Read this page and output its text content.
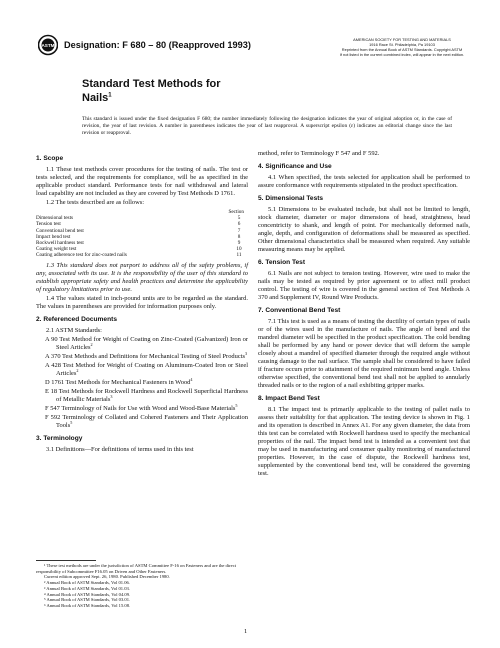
ASTM Designation: F 680 – 80 (Reapproved 1993)
AMERICAN SOCIETY FOR TESTING AND MATERIALS
1916 Race St. Philadelphia, Pa 19103
Reprinted from the Annual Book of ASTM Standards. Copyright ASTM
If not listed in the current combined index, will appear in the next edition.
Standard Test Methods for
Nails$^1$
This standard is issued under the fixed designation F 680; the number immediately following the designation indicates the year of original adoption or, in the case of revision, the year of last revision. A number in parentheses indicates the year of last reapproval. A superscript epsilon (ε) indicates an editorial change since the last revision or reapproval.
1. Scope

1.1 These test methods cover procedures for the testing of nails. The test or tests selected, and the requirements for compliance, will be as specified in the applicable product standard. Performance tests for nail withdrawal and lateral load capability are not included as they are covered by Test Methods D 1761.

1.2 The tests described are as follows:

Section
Dimensional tests	5
Tension test	6
Conventional bend test	7
Impact bend test	8
Rockwell hardness test	9
Coating weight test	10
Coating adherence test for zinc-coated nails	11

1.3 This standard does not purport to address all of the safety problems, if any, associated with its use. It is the responsibility of the user of this standard to establish appropriate safety and health practices and determine the applicability of regulatory limitations prior to use.

1.4 The values stated in inch-pound units are to be regarded as the standard. The values in parentheses are provided for information purposes only.

2. Referenced Documents

2.1 ASTM Standards:

A 90 Test Method for Weight of Coating on Zinc-Coated (Galvanized) Iron or Steel Articles$^2$

A 370 Test Methods and Definitions for Mechanical Testing of Steel Products$^3$

A 428 Test Method for Weight of Coating on Aluminum-Coated Iron or Steel Articles$^2$

D 1761 Test Methods for Mechanical Fasteners in Wood$^4$

E 18 Test Methods for Rockwell Hardness and Rockwell Superficial Hardness of Metallic Materials$^3$

F 547 Terminology of Nails for Use with Wood and Wood-Base Materials$^5$

F 592 Terminology of Collated and Cohered Fasteners and Their Application Tools$^5$

3. Terminology

3.1 Definitions—For definitions of terms used in this test

¹ These test methods are under the jurisdiction of ASTM Committee F-16 on Fasteners and are the direct responsibility of Subcommittee F16.05 on Driven and Other Fasteners.
Current edition approved Sept. 26, 1980. Published December 1980.
² Annual Book of ASTM Standards, Vol 01.06.
³ Annual Book of ASTM Standards, Vol 01.03.
⁴ Annual Book of ASTM Standards, Vol 04.09.
⁵ Annual Book of ASTM Standards, Vol 03.01.
⁶ Annual Book of ASTM Standards, Vol 15.08.

method, refer to Terminology F 547 and F 592.

4. Significance and Use

4.1 When specified, the tests selected for application shall be performed to assure conformance with requirements stipulated in the product specification.

5. Dimensional Tests

5.1 Dimensions to be evaluated include, but shall not be limited to length, stock diameter, diameter or major dimensions of head, straightness, head concentricity to shank, and length of point. For mechanically deformed nails, angle, depth, and configuration of deformations shall be measured as specified. Other dimensional characteristics shall be measured when required. Any suitable measuring means may be applied.

6. Tension Test

6.1 Nails are not subject to tension testing. However, wire used to make the nails may be tested as required by prior agreement or to affect mill product control. The testing of wire is covered in the general section of Test Methods A 370 and Supplement IV, Round Wire Products.

7. Conventional Bend Test

7.1 This test is used as a means of testing the ductility of certain types of nails or of the wires used in the manufacture of nails. The angle of bend and the mandrel diameter will be specified in the product specification. The cold bending shall be performed by any hand or power device that will deform the sample closely about a mandrel of specified diameter through the required angle without causing damage to the nail surface. The sample shall be considered to have failed if fracture occurs prior to attainment of the required minimum bend angle. Unless otherwise specified, the conventional bend test shall not be applied to annularly threaded nails or to the region of a nail exhibiting gripper marks.

8. Impact Bend Test

8.1 The impact test is primarily applicable to the testing of pallet nails to assess their suitability for that application. The testing device is shown in Fig. 1 and its operation is described in Annex A1. For any given diameter, the data from this test can be correlated with Rockwell hardness used to specify the mechanical properties of the nail. The impact bend test is intended as a convenient test that may be used in manufacturing and consumer quality monitoring of manufactured properties. However, in the case of dispute, the Rockwell hardness test, supplemented by the conventional bend test, will be considered the governing test.

1
